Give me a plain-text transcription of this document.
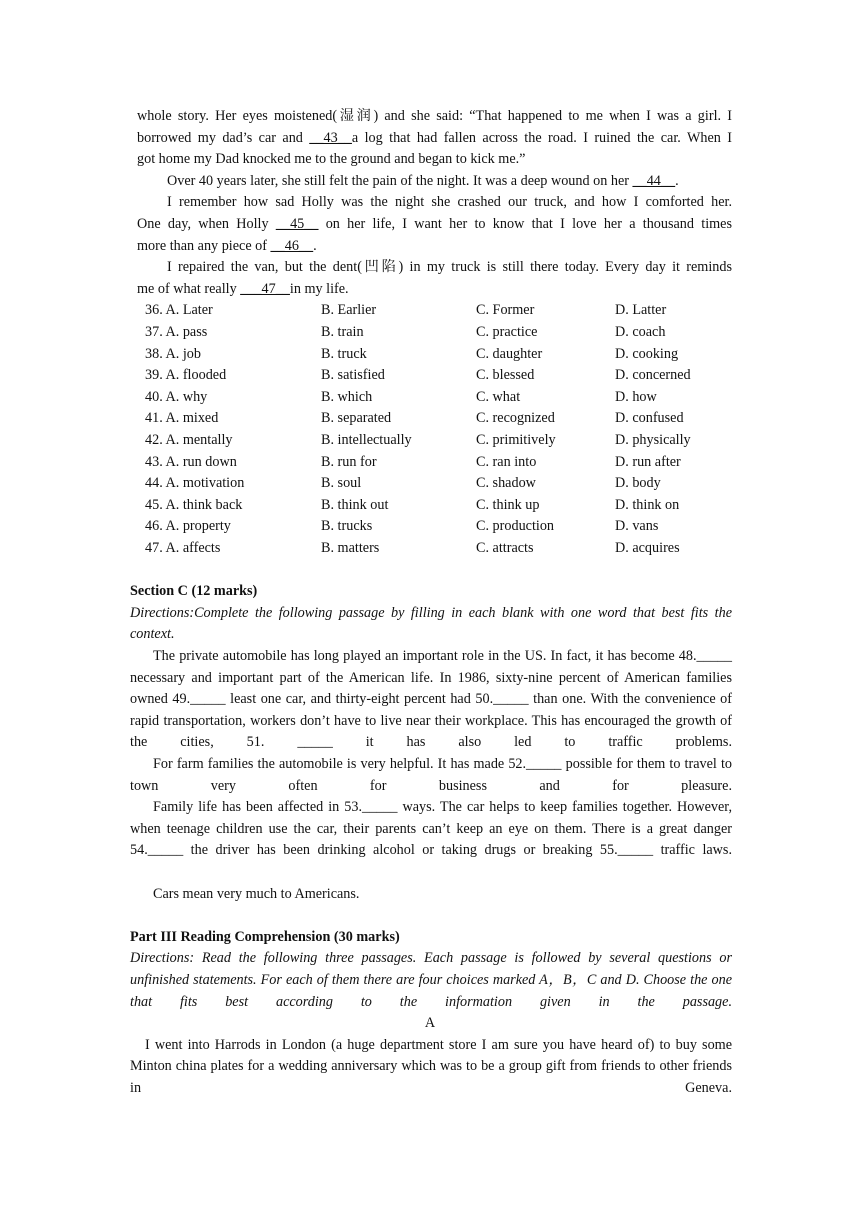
whole story. Her eyes moistened(湿润) and she said: “That happened to me when I was a girl. I
borrowed my dad’s car and __43__a log that had fallen across the road. I ruined the car. When I
got home my Dad knocked me to the ground and began to kick me.”
Over 40 years later, she still felt the pain of the night. It was a deep wound on her __44__.
I remember how sad Holly was the night she crashed our truck, and how I comforted her.
One day, when Holly __45__ on her life, I want her to know that I love her a thousand times
more than any piece of __46__.
I repaired the van, but the dent(凹陷) in my truck is still there today. Every day it reminds
me of what really ___47__in my life.
36. A. Later	B. Earlier	C. Former	D. Latter
37. A. pass	B. train	C. practice	D. coach
38. A. job	B. truck	C. daughter	D. cooking
39. A. flooded	B. satisfied	C. blessed	D. concerned
40. A. why	B. which	C. what	D. how
41. A. mixed	B. separated	C. recognized	D. confused
42. A. mentally	B. intellectually	C. primitively	D. physically
43. A. run down	B. run for	C. ran into	D. run after
44. A. motivation	B. soul	C. shadow	D. body
45. A. think back	B. think out	C. think up	D. think on
46. A. property	B. trucks	C. production	D. vans
47. A. affects	B. matters	C. attracts	D. acquires
Section C (12 marks)

Directions:Complete the following passage by filling in each blank with one word that best fits the context.

The private automobile has long played an important role in the US. In fact, it has become 48._____ necessary and important part of the American life. In 1986, sixty-nine percent of American families owned 49._____ least one car, and thirty-eight percent had 50._____ than one. With the convenience of rapid transportation, workers don’t have to live near their workplace. This has encouraged the growth of the cities, 51. _____ it has also led to traffic problems.

For farm families the automobile is very helpful. It has made 52._____ possible for them to travel to town very often for business and for pleasure.

Family life has been affected in 53._____ ways. The car helps to keep families together. However, when teenage children use the car, their parents can’t keep an eye on them. There is a great danger 54._____ the driver has been drinking alcohol or taking drugs or breaking 55._____ traffic laws.

Cars mean very much to Americans.
Part III Reading Comprehension (30 marks)

Directions: Read the following three passages. Each passage is followed by several questions or unfinished statements. For each of them there are four choices marked A，B，C and D. Choose the one that fits best according to the information given in the passage.

A

I went into Harrods in London (a huge department store I am sure you have heard of) to buy some Minton china plates for a wedding anniversary which was to be a group gift from friends to other friends in Geneva.
